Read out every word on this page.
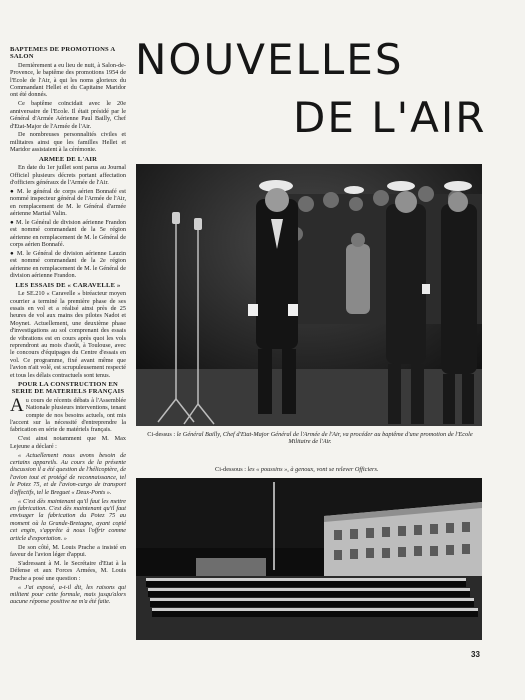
NOUVELLES
DE L'AIR
BAPTEMES DE PROMOTIONS A SALON

Dernièrement a eu lieu de nuit, à Salon-de-Provence, le baptême des promotions 1954 de l'Ecole de l'Air, à qui les noms glorieux du Commandant Hellet et du Capitaine Maridor ont été donnés.

Ce baptême coïncidait avec le 20e anniversaire de l'Ecole. Il était présidé par le Général d'Armée Aérienne Paul Bailly, Chef d'Etat-Major de l'Armée de l'Air.

De nombreuses personnalités civiles et militaires ainsi que les familles Hellet et Maridor assistaient à la cérémonie.

ARMEE DE L'AIR

En date du 1er juillet sont parus au Journal Officiel plusieurs décrets portant affectation d'officiers généraux de l'Armée de l'Air.

● M. le général de corps aérien Bonnafé est nommé inspecteur général de l'Armée de l'Air, en remplacement de M. le Général d'armée aérienne Martial Valin.

● M. le Général de division aérienne Frandon est nommé commandant de la 5e région aérienne en remplacement de M. le Général de corps aérien Bonnafé.

● M. le Général de division aérienne Lauzin est nommé commandant de la 2e région aérienne en remplacement de M. le Général de division aérienne Frandon.

LES ESSAIS DE « CARAVELLE »

Le SE.210 « Caravelle » biréacteur moyen courrier a terminé la première phase de ses essais en vol et a réalisé ainsi près de 25 heures de vol aux mains des pilotes Nadot et Moynet. Actuellement, une deuxième phase d'investigations au sol comprenant des essais de vibrations est en cours après quoi les vols reprendront au mois d'août, à Toulouse, avec le concours d'équipages du Centre d'essais en vol. Ce programme, fixé avant même que l'avion n'ait volé, est scrupuleusement respecté et tous les délais contractuels sont tenus.

POUR LA CONSTRUCTION EN SERIE DE MATERIELS FRANÇAIS

Au cours de récents débats à l'Assemblée Nationale plusieurs interventions, tenant compte de nos besoins actuels, ont mis l'accent sur la nécessité d'entreprendre la fabrication en série de matériels français.

C'est ainsi notamment que M. Max Lejeune a déclaré :

« Actuellement nous avons besoin de certains appareils. Au cours de la présente discussion il a été question de l'hélicoptère, de l'avion tout et protégé de reconnaissance, tel le Potez 75, et de l'avion-cargo de transport d'effectifs, tel le Breguet « Deux-Ponts ».

« C'est dès maintenant qu'il faut les mettre en fabrication. C'est dès maintenant qu'il faut envisager la fabrication du Potez 75 au moment où la Grande-Bretagne, ayant copié cet engin, s'apprête à nous l'offrir comme article d'exportation. »

De son côté, M. Louis Prache a insisté en faveur de l'avion léger d'appui.

S'adressant à M. le Secrétaire d'Etat à la Défense et aux Forces Armées, M. Louis Prache a posé une question :

« J'ai exposé, a-t-il dit, les raisons qui militent pour cette formule, mais jusqu'alors aucune réponse positive ne m'a été faite.

Ci-dessus : le Général Bailly, Chef d'Etat-Major Général de l'Armée de l'Air, va procéder au baptême d'une promotion de l'Ecole Militaire de l'Air.
Ci-dessous : les « poussins », à genoux, vont se relever Officiers.
33
